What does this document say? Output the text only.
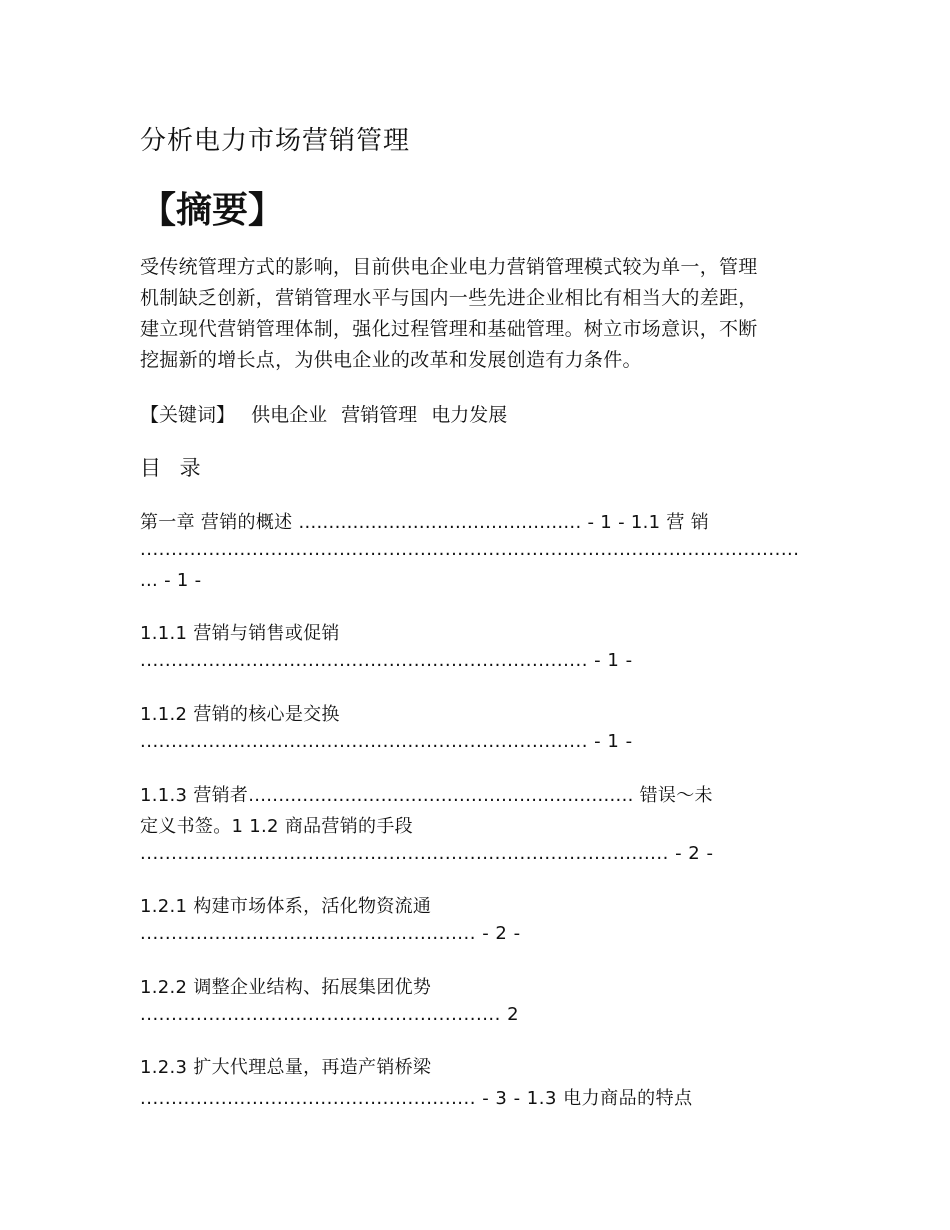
分析电力市场营销管理
【摘要】
受传统管理方式的影响，目前供电企业电力营销管理模式较为单一，管理
机制缺乏创新，营销管理水平与国内一些先进企业相比有相当大的差距，
建立现代营销管理体制，强化过程管理和基础管理。树立市场意识，不断
挖掘新的增长点，为供电企业的改革和发展创造有力条件。
【关键词】 供电企业 营销管理 电力发展
目 录
第一章 营销的概述 ............................................... - 1 - 1.1 营 销
..........................................................................................................
... - 1 -
1.1.1 营销与销售或促销
........................................................................ - 1 -
1.1.2 营销的核心是交换
........................................................................ - 1 -
1.1.3 营销者................................................................ 错误～未
定义书签。1 1.2 商品营销的手段
..................................................................................... - 2 -
1.2.1 构建市场体系，活化物资流通
...................................................... - 2 -
1.2.2 调整企业结构、拓展集团优势
.......................................................... 2
1.2.3 扩大代理总量，再造产销桥梁
...................................................... - 3 - 1.3 电力商品的特点
